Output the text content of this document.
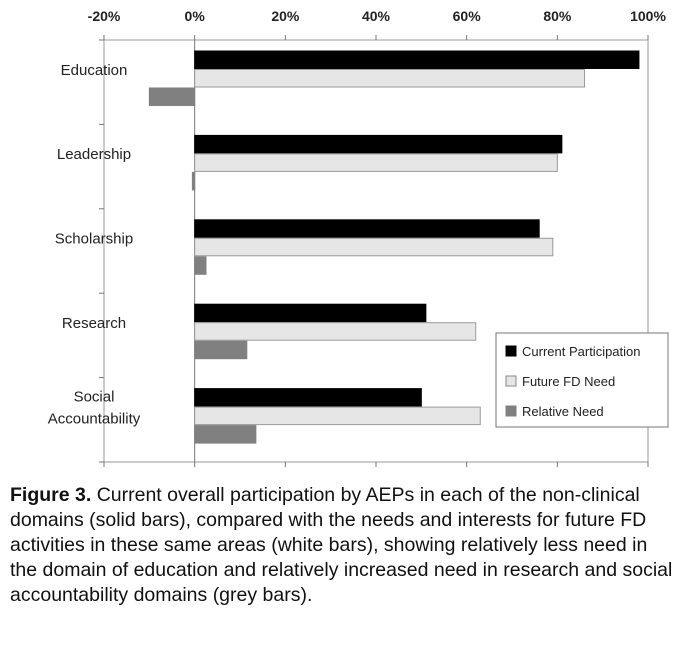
-20%	0%	20%	40%	60%	80%	100%
Education
Leadership
Scholarship
Research
Social
Accountability
Current Participation
Future FD Need
Relative Need
Figure 3. Current overall participation by AEPs in each of the non-clinical domains (solid bars), compared with the needs and interests for future FD activities in these same areas (white bars), showing relatively less need in the domain of education and relatively increased need in research and social accountability domains (grey bars).
